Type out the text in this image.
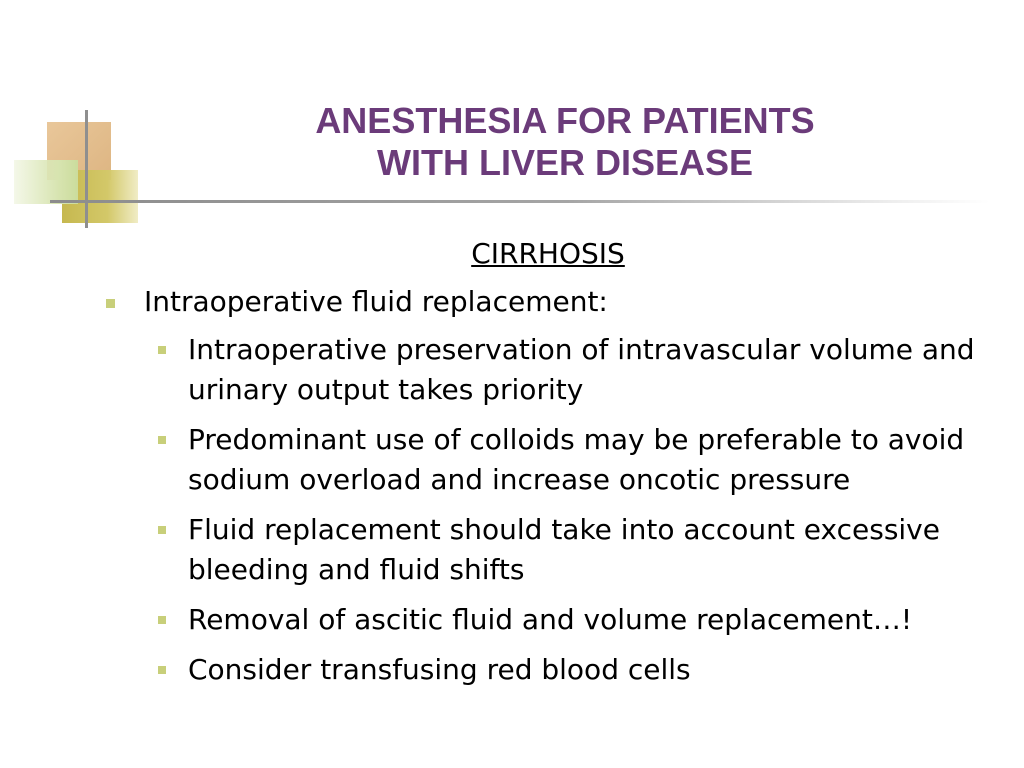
ANESTHESIA FOR PATIENTS
WITH LIVER DISEASE
CIRRHOSIS
Intraoperative fluid replacement:
Intraoperative preservation of intravascular volume and urinary output takes priority
Predominant use of colloids may be preferable to avoid sodium overload and increase oncotic pressure
Fluid replacement should take into account excessive bleeding and fluid shifts
Removal of ascitic fluid and volume replacement…!
Consider transfusing red blood cells
